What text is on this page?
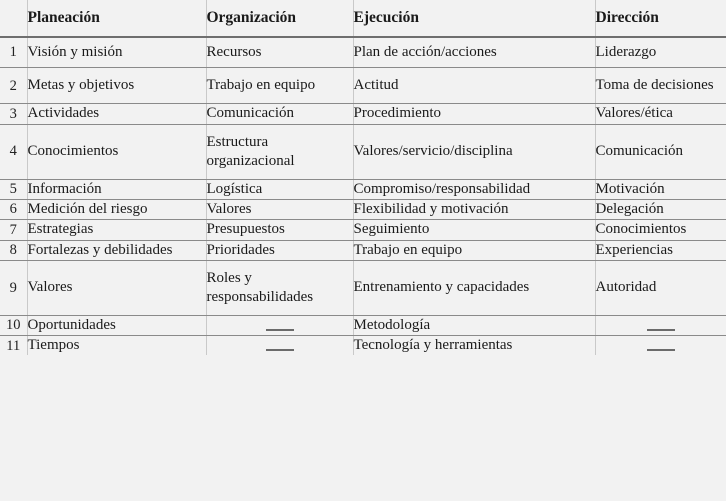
	Planeación	Organización	Ejecución	Dirección
1	Visión y misión	Recursos	Plan de acción/acciones	Liderazgo
2	Metas y objetivos	Trabajo en equipo	Actitud	Toma de decisiones
3	Actividades	Comunicación	Procedimiento	Valores/ética
4	Conocimientos	Estructura organizacional	Valores/servicio/disciplina	Comunicación
5	Información	Logística	Compromiso/responsabilidad	Motivación
6	Medición del riesgo	Valores	Flexibilidad y motivación	Delegación
7	Estrategias	Presupuestos	Seguimiento	Conocimientos
8	Fortalezas y debilidades	Prioridades	Trabajo en equipo	Experiencias
9	Valores	Roles y responsabilidades	Entrenamiento y capacidades	Autoridad
10	Oportunidades		Metodología	
11	Tiempos		Tecnología y herramientas	
